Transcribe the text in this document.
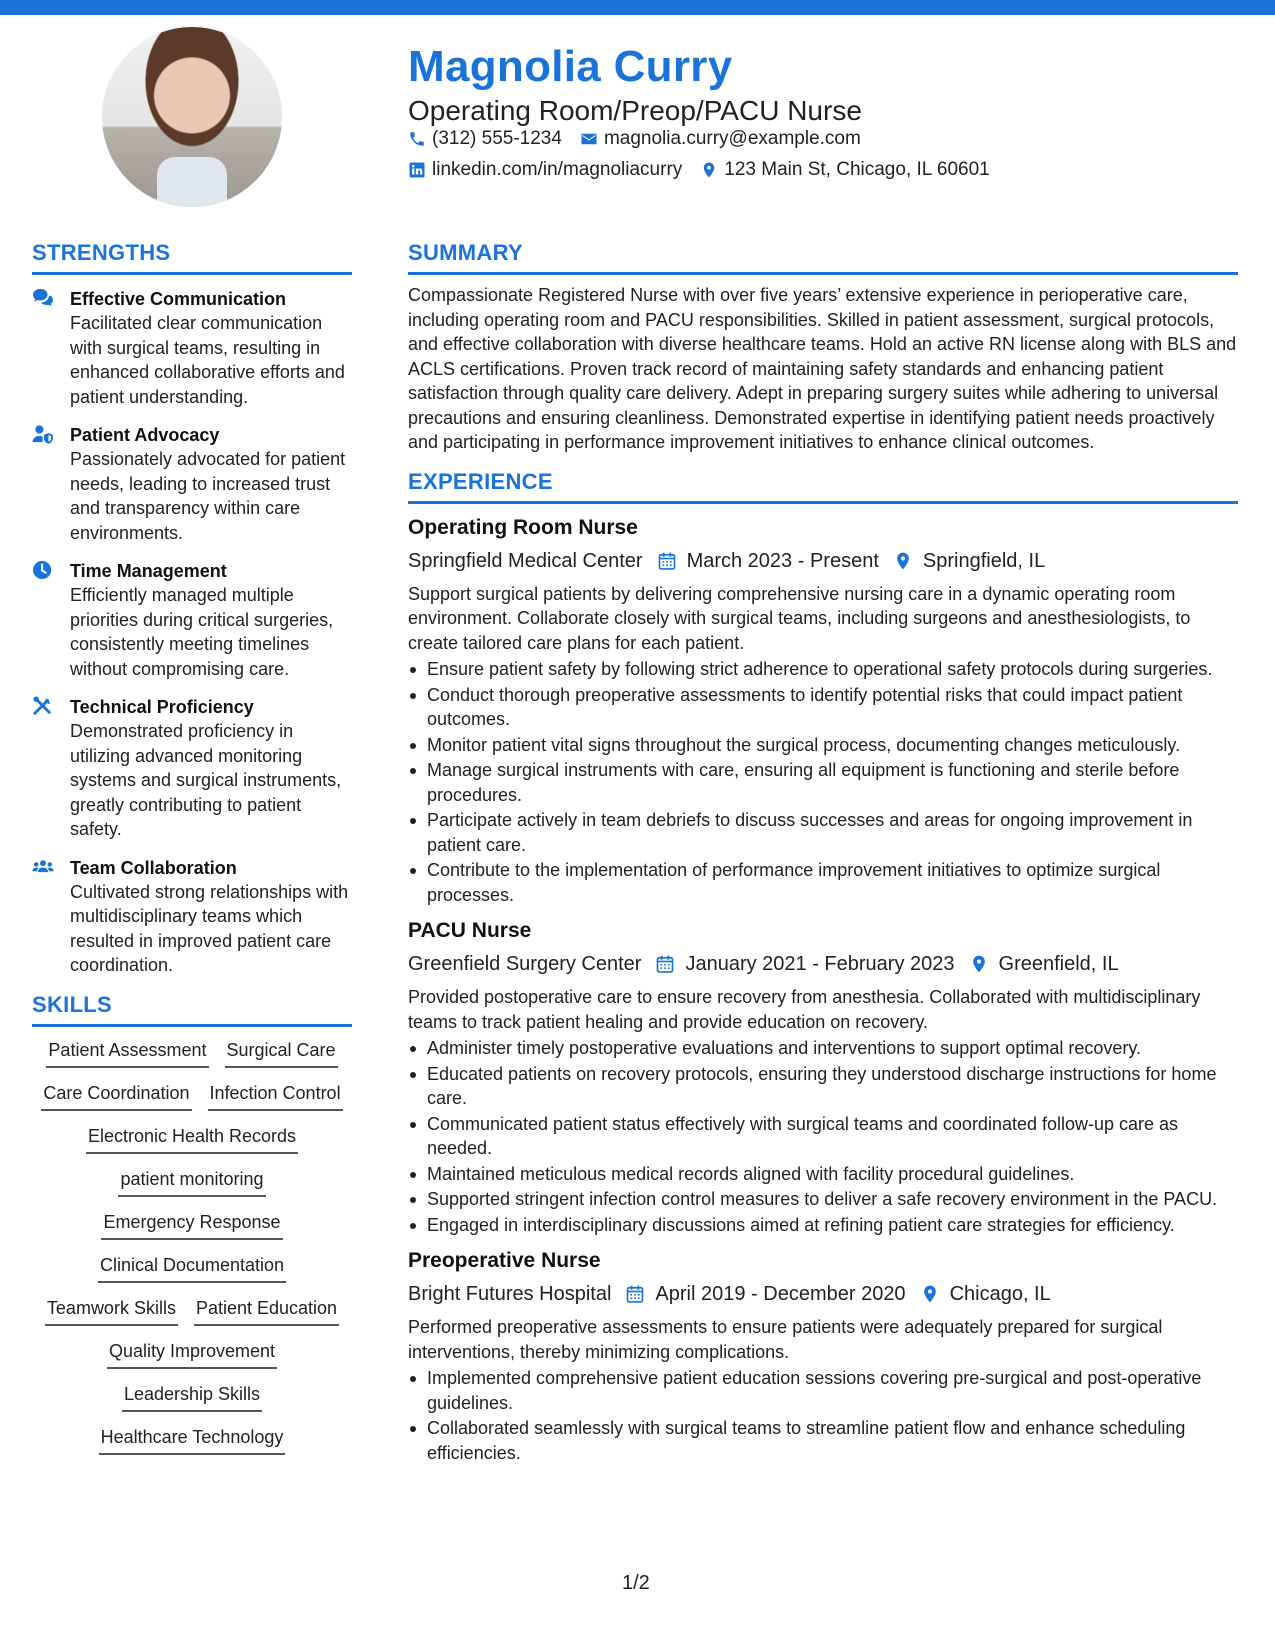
Magnolia Curry
Operating Room/Preop/PACU Nurse
(312) 555-1234 magnolia.curry@example.com
linkedin.com/in/magnoliacurry 123 Main St, Chicago, IL 60601
STRENGTHS
Effective Communication
Facilitated clear communication with surgical teams, resulting in enhanced collaborative efforts and patient understanding.
Patient Advocacy
Passionately advocated for patient needs, leading to increased trust and transparency within care environments.
Time Management
Efficiently managed multiple priorities during critical surgeries, consistently meeting timelines without compromising care.
Technical Proficiency
Demonstrated proficiency in utilizing advanced monitoring systems and surgical instruments, greatly contributing to patient safety.
Team Collaboration
Cultivated strong relationships with multidisciplinary teams which resulted in improved patient care coordination.
SKILLS
Patient Assessment Surgical Care
Care Coordination Infection Control
Electronic Health Records
patient monitoring
Emergency Response
Clinical Documentation
Teamwork Skills Patient Education
Quality Improvement
Leadership Skills
Healthcare Technology
SUMMARY

Compassionate Registered Nurse with over five years’ extensive experience in perioperative care, including operating room and PACU responsibilities. Skilled in patient assessment, surgical protocols, and effective collaboration with diverse healthcare teams. Hold an active RN license along with BLS and ACLS certifications. Proven track record of maintaining safety standards and enhancing patient satisfaction through quality care delivery. Adept in preparing surgery suites while adhering to universal precautions and ensuring cleanliness. Demonstrated expertise in identifying patient needs proactively and participating in performance improvement initiatives to enhance clinical outcomes.

EXPERIENCE
Operating Room Nurse
Springfield Medical Center March 2023 - Present Springfield, IL

Support surgical patients by delivering comprehensive nursing care in a dynamic operating room environment. Collaborate closely with surgical teams, including surgeons and anesthesiologists, to create tailored care plans for each patient.

Ensure patient safety by following strict adherence to operational safety protocols during surgeries.
Conduct thorough preoperative assessments to identify potential risks that could impact patient outcomes.
Monitor patient vital signs throughout the surgical process, documenting changes meticulously.
Manage surgical instruments with care, ensuring all equipment is functioning and sterile before procedures.
Participate actively in team debriefs to discuss successes and areas for ongoing improvement in patient care.
Contribute to the implementation of performance improvement initiatives to optimize surgical processes.
PACU Nurse
Greenfield Surgery Center January 2021 - February 2023 Greenfield, IL

Provided postoperative care to ensure recovery from anesthesia. Collaborated with multidisciplinary teams to track patient healing and provide education on recovery.

Administer timely postoperative evaluations and interventions to support optimal recovery.
Educated patients on recovery protocols, ensuring they understood discharge instructions for home care.
Communicated patient status effectively with surgical teams and coordinated follow-up care as needed.
Maintained meticulous medical records aligned with facility procedural guidelines.
Supported stringent infection control measures to deliver a safe recovery environment in the PACU.
Engaged in interdisciplinary discussions aimed at refining patient care strategies for efficiency.
Preoperative Nurse
Bright Futures Hospital April 2019 - December 2020 Chicago, IL

Performed preoperative assessments to ensure patients were adequately prepared for surgical interventions, thereby minimizing complications.

Implemented comprehensive patient education sessions covering pre-surgical and post-operative guidelines.
Collaborated seamlessly with surgical teams to streamline patient flow and enhance scheduling efficiencies.
1/2
